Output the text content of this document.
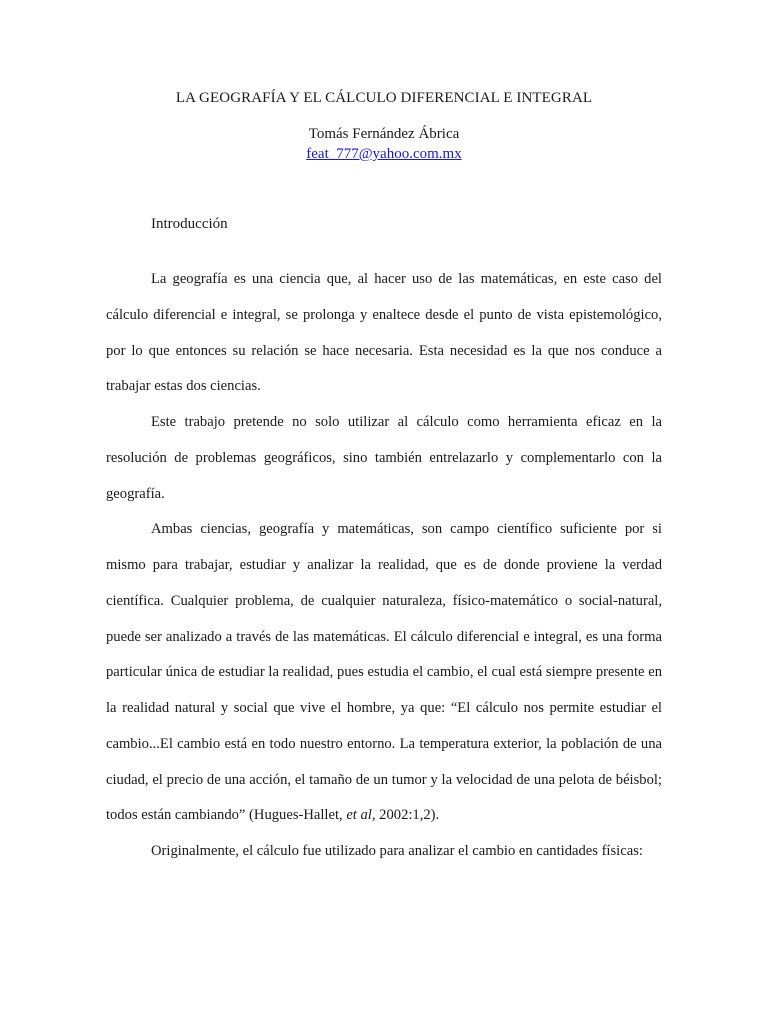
LA GEOGRAFÍA Y EL CÁLCULO DIFERENCIAL E INTEGRAL
Tomás Fernández Ábrica
feat_777@yahoo.com.mx
Introducción

La geografía es una ciencia que, al hacer uso de las matemáticas, en este caso del cálculo diferencial e integral, se prolonga y enaltece desde el punto de vista epistemológico, por lo que entonces su relación se hace necesaria. Esta necesidad es la que nos conduce a trabajar estas dos ciencias.

Este trabajo pretende no solo utilizar al cálculo como herramienta eficaz en la resolución de problemas geográficos, sino también entrelazarlo y complementarlo con la geografía.

Ambas ciencias, geografía y matemáticas, son campo científico suficiente por si mismo para trabajar, estudiar y analizar la realidad, que es de donde proviene la verdad científica. Cualquier problema, de cualquier naturaleza, físico-matemático o social-natural, puede ser analizado a través de las matemáticas. El cálculo diferencial e integral, es una forma particular única de estudiar la realidad, pues estudia el cambio, el cual está siempre presente en la realidad natural y social que vive el hombre, ya que: “El cálculo nos permite estudiar el cambio...El cambio está en todo nuestro entorno. La temperatura exterior, la población de una ciudad, el precio de una acción, el tamaño de un tumor y la velocidad de una pelota de béisbol; todos están cambiando” (Hugues-Hallet, et al, 2002:1,2).

Originalmente, el cálculo fue utilizado para analizar el cambio en cantidades físicas:
